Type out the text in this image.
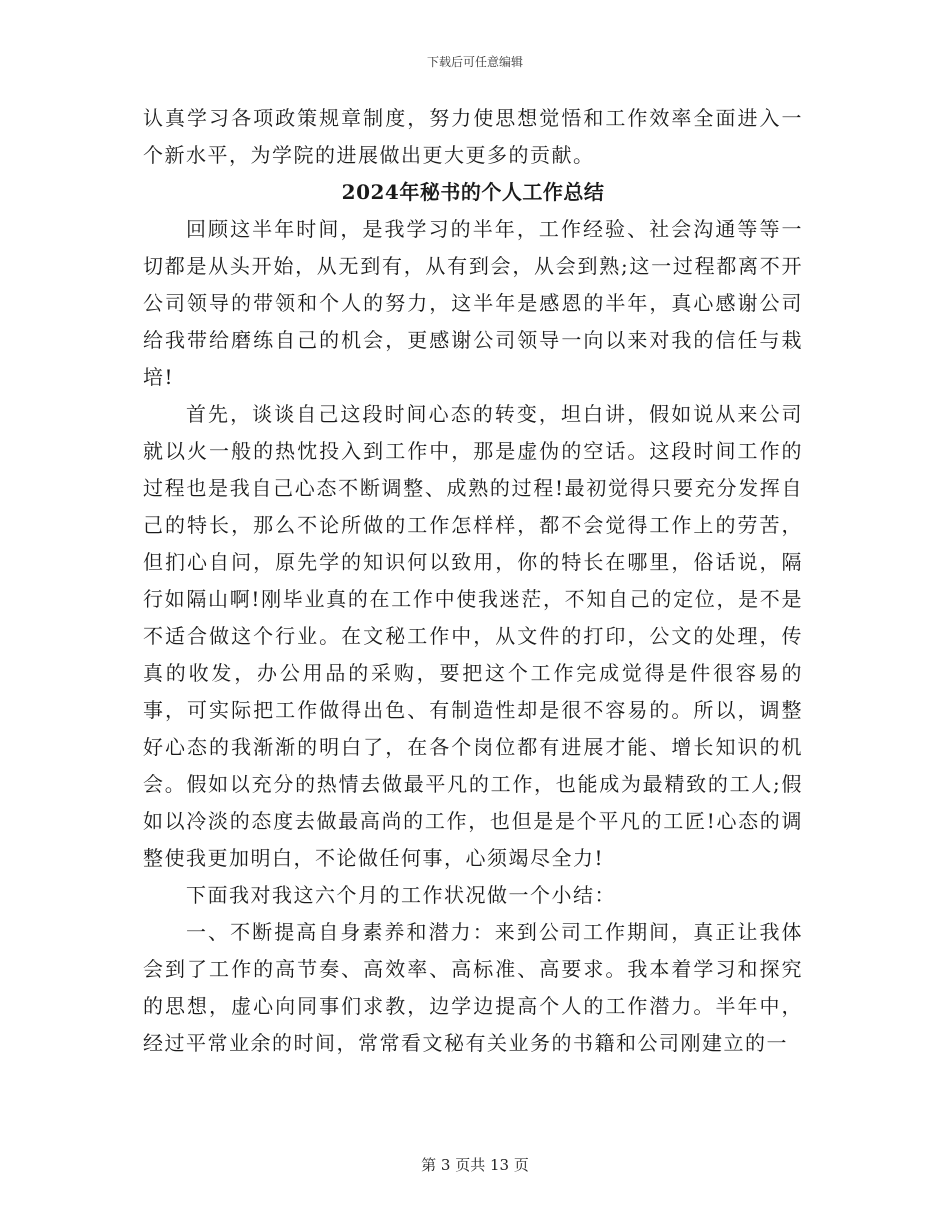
下载后可任意编辑

认真学习各项政策规章制度，努力使思想觉悟和工作效率全面进入一个新水平，为学院的进展做出更大更多的贡献。

2024年秘书的个人工作总结

回顾这半年时间，是我学习的半年，工作经验、社会沟通等等一切都是从头开始，从无到有，从有到会，从会到熟;这一过程都离不开公司领导的带领和个人的努力，这半年是感恩的半年，真心感谢公司给我带给磨练自己的机会，更感谢公司领导一向以来对我的信任与栽培!

首先，谈谈自己这段时间心态的转变，坦白讲，假如说从来公司就以火一般的热忱投入到工作中，那是虚伪的空话。这段时间工作的过程也是我自己心态不断调整、成熟的过程!最初觉得只要充分发挥自己的特长，那么不论所做的工作怎样样，都不会觉得工作上的劳苦，但扪心自问，原先学的知识何以致用，你的特长在哪里，俗话说，隔行如隔山啊!刚毕业真的在工作中使我迷茫，不知自己的定位，是不是不适合做这个行业。在文秘工作中，从文件的打印，公文的处理，传真的收发，办公用品的采购，要把这个工作完成觉得是件很容易的事，可实际把工作做得出色、有制造性却是很不容易的。所以，调整好心态的我渐渐的明白了，在各个岗位都有进展才能、增长知识的机会。假如以充分的热情去做最平凡的工作，也能成为最精致的工人;假如以冷淡的态度去做最高尚的工作，也但是是个平凡的工匠!心态的调整使我更加明白，不论做任何事，心须竭尽全力!

下面我对我这六个月的工作状况做一个小结：

一、不断提高自身素养和潜力：来到公司工作期间，真正让我体会到了工作的高节奏、高效率、高标准、高要求。我本着学习和探究的思想，虚心向同事们求教，边学边提高个人的工作潜力。半年中，经过平常业余的时间，常常看文秘有关业务的书籍和公司刚建立的一

第 3 页共 13 页
